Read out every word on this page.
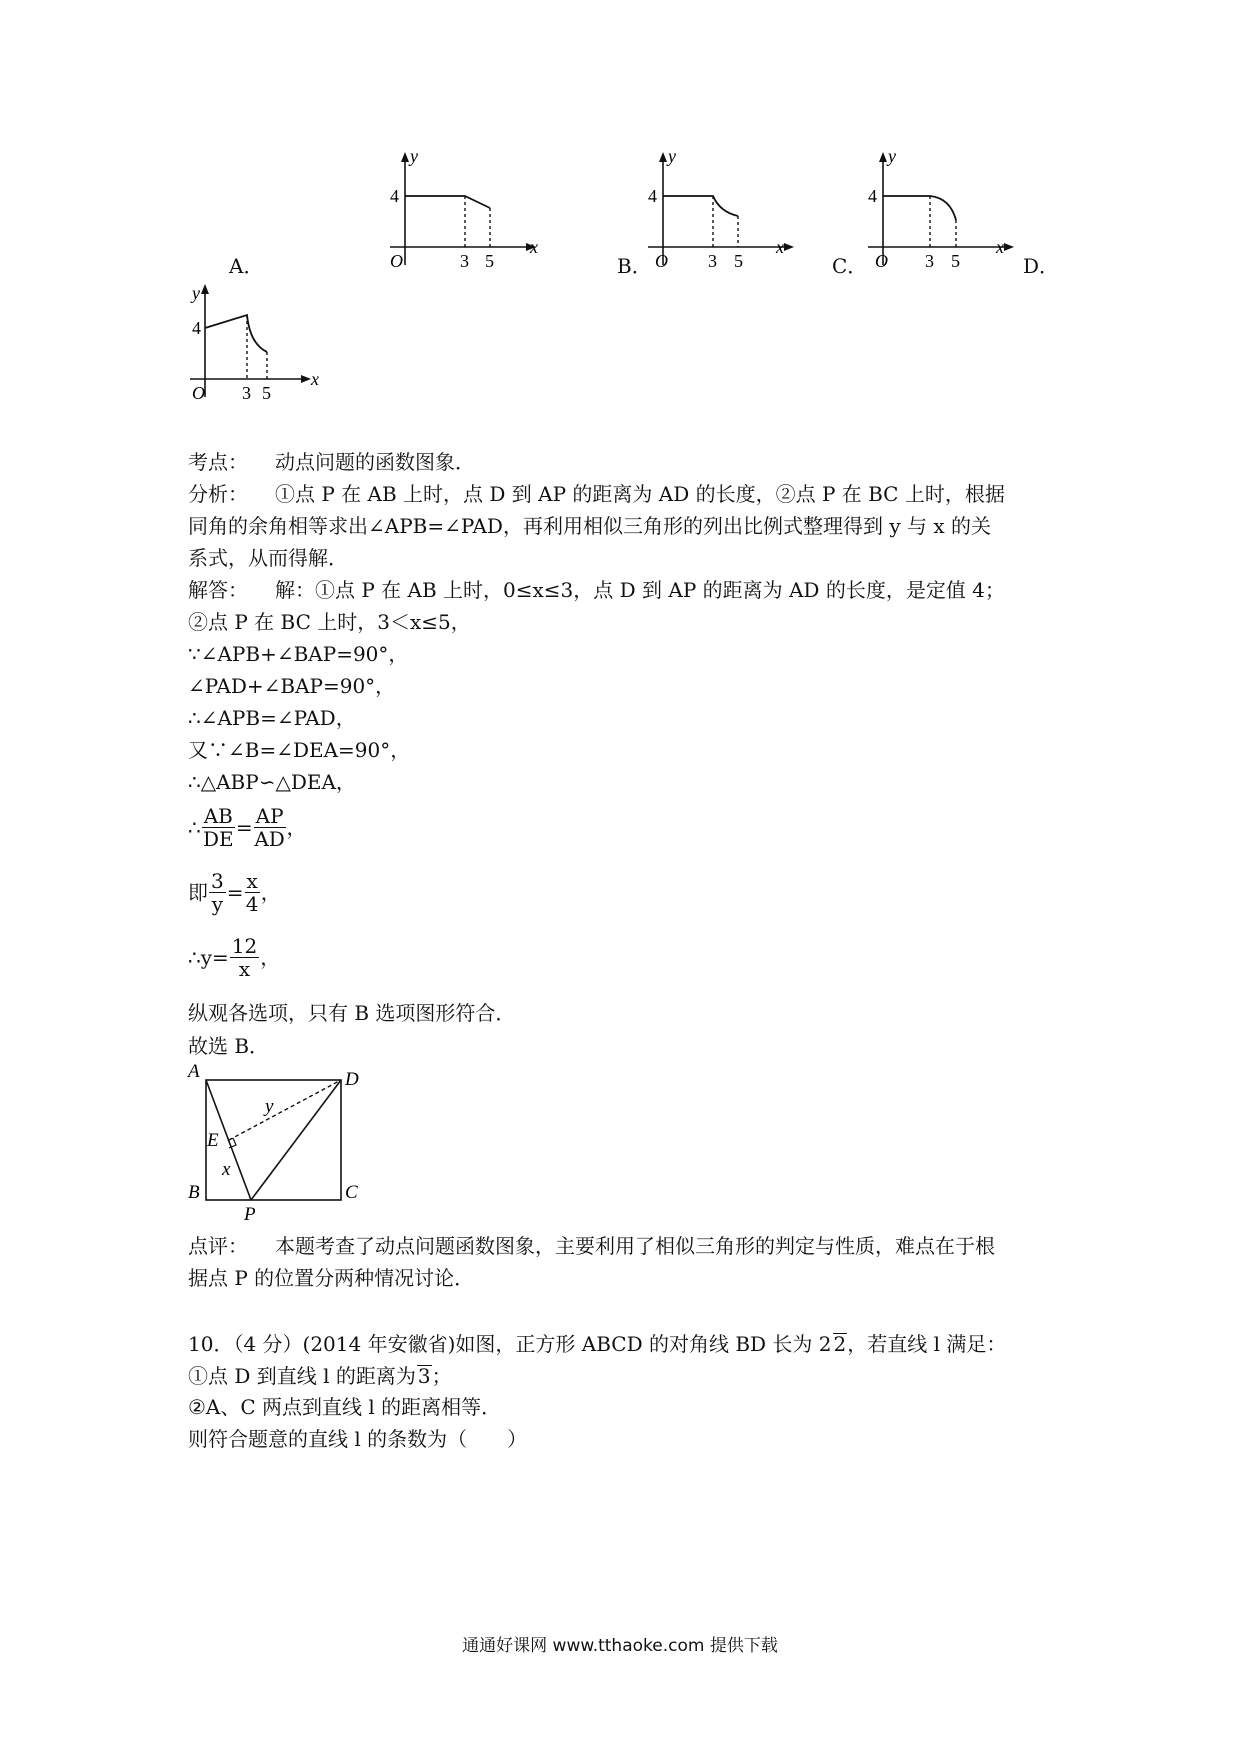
A．
y
4
x
O	3 5	B．
y
4
x
O 3 5	C．
y
4
x
O 3 5	D．
y
4
x
O 3 5
考点： 动点问题的函数图象．
分析： ①点 P 在 AB 上时，点 D 到 AP 的距离为 AD 的长度，②点 P 在 BC 上时，根据
同角的余角相等求出∠APB=∠PAD，再利用相似三角形的列出比例式整理得到 y 与 x 的关
系式，从而得解．
解答： 解：①点 P 在 AB 上时，0≤x≤3，点 D 到 AP 的距离为 AD 的长度，是定值 4；
②点 P 在 BC 上时，3＜x≤5，
∵∠APB+∠BAP=90°，
∠PAD+∠BAP=90°，
∴∠APB=∠PAD，
又∵∠B=∠DEA=90°，
∴△ABP∽△DEA，
∴ $\frac{AB}{DE} = \frac{AP}{AD}$ ，
即 $\frac{3}{y} = \frac{x}{4}$ ，
∴y= $\frac{12}{x}$ ，
纵观各选项，只有 B 选项图形符合．
故选 B．
A	D
B	C
P
E
x
y
点评： 本题考查了动点问题函数图象，主要利用了相似三角形的判定与性质，难点在于根
据点 P 的位置分两种情况讨论．
10．（4 分）(2014 年安徽省)如图，正方形 ABCD 的对角线 BD 长为 2 2，若直线 l 满足：
①点 D 到直线 l 的距离为 3；
②A、C 两点到直线 l 的距离相等．
则符合题意的直线 l 的条数为（　　）
通通好课网 www.tthaoke.com 提供下载
